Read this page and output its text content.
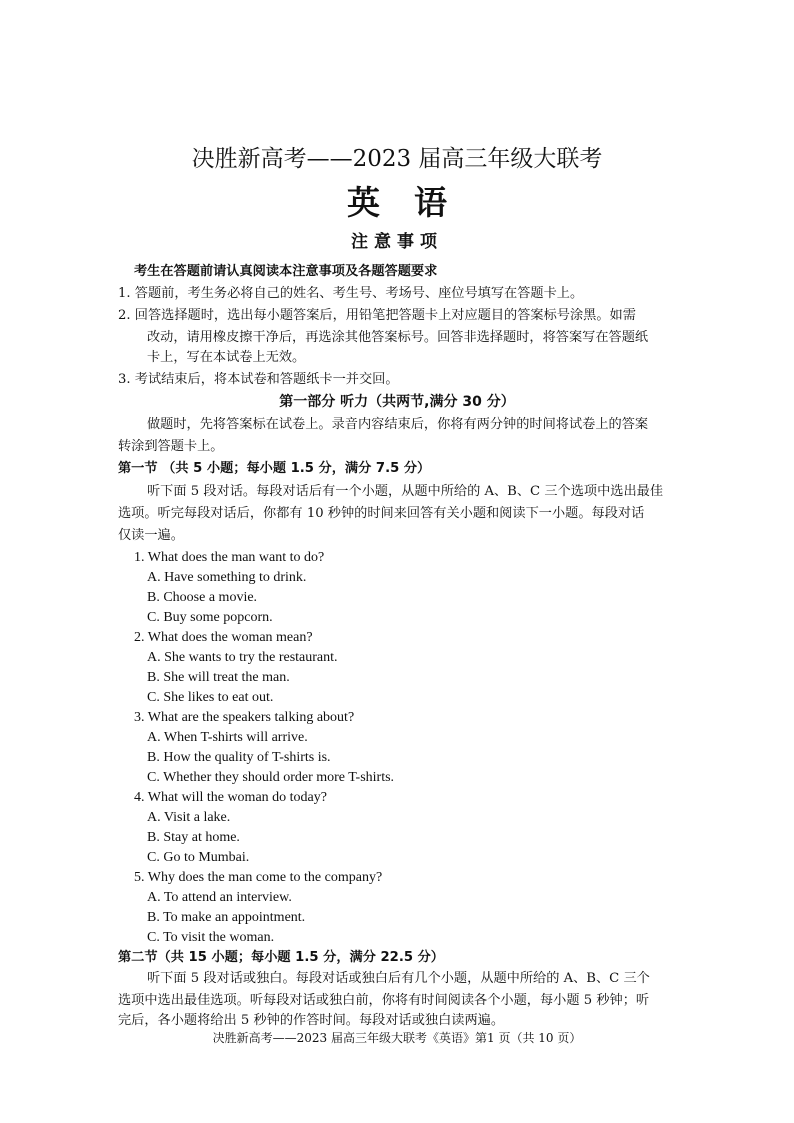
决胜新高考——2023 届高三年级大联考
英语
注意事项
考生在答题前请认真阅读本注意事项及各题答题要求
1. 答题前，考生务必将自己的姓名、考生号、考场号、座位号填写在答题卡上。
2. 回答选择题时，选出每小题答案后，用铅笔把答题卡上对应题目的答案标号涂黑。如需
改动，请用橡皮擦干净后，再选涂其他答案标号。回答非选择题时，将答案写在答题纸
卡上，写在本试卷上无效。
3. 考试结束后，将本试卷和答题纸卡一并交回。
第一部分 听力（共两节,满分 30 分）
做题时，先将答案标在试卷上。录音内容结束后，你将有两分钟的时间将试卷上的答案
转涂到答题卡上。
第一节 （共 5 小题；每小题 1.5 分，满分 7.5 分）
听下面 5 段对话。每段对话后有一个小题，从题中所给的 A、B、C 三个选项中选出最佳
选项。听完每段对话后，你都有 10 秒钟的时间来回答有关小题和阅读下一小题。每段对话
仅读一遍。
1. What does the man want to do?
A. Have something to drink.
B. Choose a movie.
C. Buy some popcorn.
2. What does the woman mean?
A. She wants to try the restaurant.
B. She will treat the man.
C. She likes to eat out.
3. What are the speakers talking about?
A. When T-shirts will arrive.
B. How the quality of T-shirts is.
C. Whether they should order more T-shirts.
4. What will the woman do today?
A. Visit a lake.
B. Stay at home.
C. Go to Mumbai.
5. Why does the man come to the company?
A. To attend an interview.
B. To make an appointment.
C. To visit the woman.
第二节（共 15 小题；每小题 1.5 分，满分 22.5 分）
听下面 5 段对话或独白。每段对话或独白后有几个小题，从题中所给的 A、B、C 三个
选项中选出最佳选项。听每段对话或独白前，你将有时间阅读各个小题，每小题 5 秒钟；听
完后，各小题将给出 5 秒钟的作答时间。每段对话或独白读两遍。
决胜新高考——2023 届高三年级大联考《英语》第1 页（共 10 页）
